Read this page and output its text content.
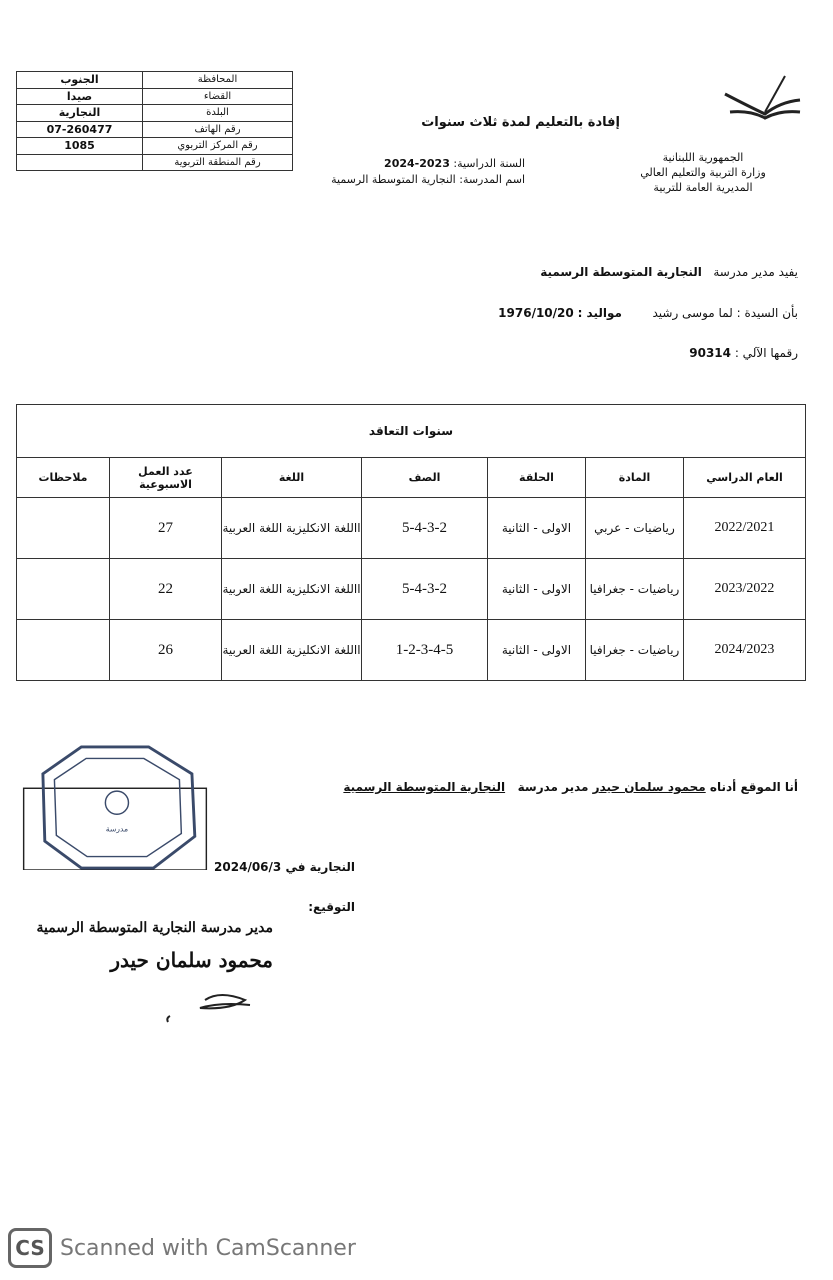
المحافظة	الجنوب
القضاء	صيدا
البلدة	النجارية
رقم الهاتف	07-260477
رقم المركز التربوي	1085
رقم المنطقة التربوية		الجمهورية اللبنانية
وزارة التربية والتعليم العالي
المديرية العامة للتربية
إفادة بالتعليم لمدة ثلاث سنوات
السنة الدراسية: 2023-2024
اسم المدرسة: النجارية المتوسطة الرسمية
يفيد مدير مدرسة   النجارية المتوسطة الرسمية
بأن السيدة : لما موسى رشيد        مواليد : 1976/10/20
رقمها الآلي : 90314
سنوات التعاقد						
العام الدراسي	المادة	الحلقة	الصف	اللغة	عدد العمل الاسبوعية	ملاحظات
2022/2021	رياضيات - عربي	الاولى - الثانية	5-4-3-2	االلغة الانكليزية اللغة العربية	27	
2023/2022	رياضيات - جغرافيا	الاولى - الثانية	5-4-3-2	االلغة الانكليزية اللغة العربية	22	
2024/2023	رياضيات - جغرافيا	الاولى - الثانية	1-2-3-4-5	االلغة الانكليزية اللغة العربية	26	
أنا الموقع أدناه محمود سلمان حيدر مدير مدرسة   النجارية المتوسطة الرسمية
مدرسة
النجارية في 2024/06/3
التوقيع:
مدير مدرسة النجارية المتوسطة الرسمية
محمود سلمان حيدر
CS Scanned with CamScanner
